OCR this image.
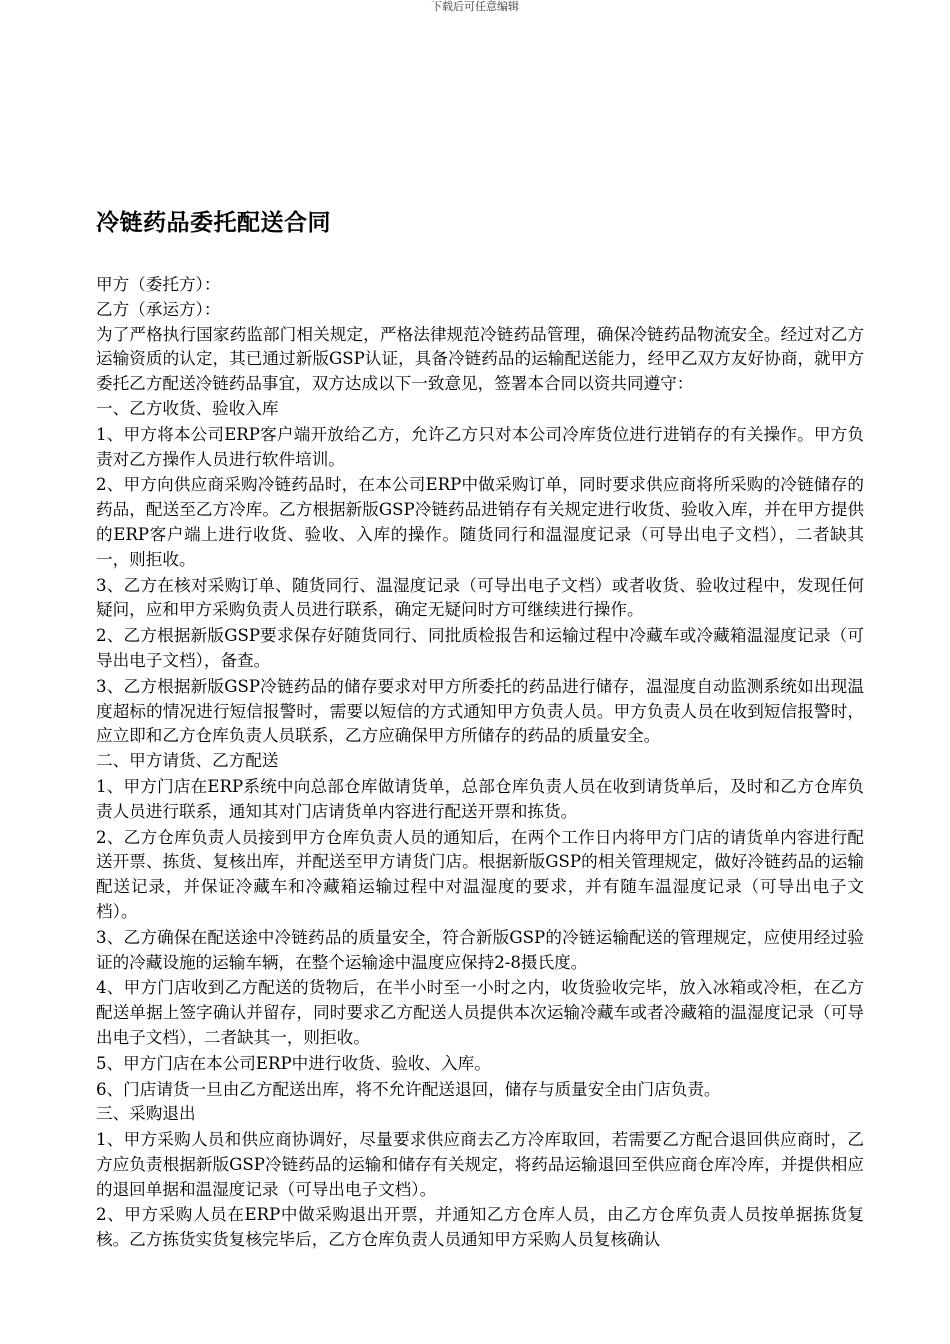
下载后可任意编辑
冷链药品委托配送合同

甲方（委托方）：

乙方（承运方）：

为了严格执行国家药监部门相关规定，严格法律规范冷链药品管理，确保冷链药品物流安全。经过对乙方运输资质的认定，其已通过新版GSP认证，具备冷链药品的运输配送能力，经甲乙双方友好协商，就甲方委托乙方配送冷链药品事宜，双方达成以下一致意见，签署本合同以资共同遵守：

一、乙方收货、验收入库

1、甲方将本公司ERP客户端开放给乙方，允许乙方只对本公司冷库货位进行进销存的有关操作。甲方负责对乙方操作人员进行软件培训。

2、甲方向供应商采购冷链药品时，在本公司ERP中做采购订单，同时要求供应商将所采购的冷链储存的药品，配送至乙方冷库。乙方根据新版GSP冷链药品进销存有关规定进行收货、验收入库，并在甲方提供的ERP客户端上进行收货、验收、入库的操作。随货同行和温湿度记录（可导出电子文档），二者缺其一，则拒收。

3、乙方在核对采购订单、随货同行、温湿度记录（可导出电子文档）或者收货、验收过程中，发现任何疑问，应和甲方采购负责人员进行联系，确定无疑问时方可继续进行操作。

2、乙方根据新版GSP要求保存好随货同行、同批质检报告和运输过程中冷藏车或冷藏箱温湿度记录（可导出电子文档），备查。

3、乙方根据新版GSP冷链药品的储存要求对甲方所委托的药品进行储存，温湿度自动监测系统如出现温度超标的情况进行短信报警时，需要以短信的方式通知甲方负责人员。甲方负责人员在收到短信报警时，应立即和乙方仓库负责人员联系，乙方应确保甲方所储存的药品的质量安全。

二、甲方请货、乙方配送

1、甲方门店在ERP系统中向总部仓库做请货单，总部仓库负责人员在收到请货单后，及时和乙方仓库负责人员进行联系，通知其对门店请货单内容进行配送开票和拣货。

2、乙方仓库负责人员接到甲方仓库负责人员的通知后，在两个工作日内将甲方门店的请货单内容进行配送开票、拣货、复核出库，并配送至甲方请货门店。根据新版GSP的相关管理规定，做好冷链药品的运输配送记录，并保证冷藏车和冷藏箱运输过程中对温湿度的要求，并有随车温湿度记录（可导出电子文档）。

3、乙方确保在配送途中冷链药品的质量安全，符合新版GSP的冷链运输配送的管理规定，应使用经过验证的冷藏设施的运输车辆，在整个运输途中温度应保持2-8摄氏度。

4、甲方门店收到乙方配送的货物后，在半小时至一小时之内，收货验收完毕，放入冰箱或冷柜，在乙方配送单据上签字确认并留存，同时要求乙方配送人员提供本次运输冷藏车或者冷藏箱的温湿度记录（可导出电子文档），二者缺其一，则拒收。

5、甲方门店在本公司ERP中进行收货、验收、入库。

6、门店请货一旦由乙方配送出库，将不允许配送退回，储存与质量安全由门店负责。

三、采购退出

1、甲方采购人员和供应商协调好，尽量要求供应商去乙方冷库取回，若需要乙方配合退回供应商时，乙方应负责根据新版GSP冷链药品的运输和储存有关规定，将药品运输退回至供应商仓库冷库，并提供相应的退回单据和温湿度记录（可导出电子文档）。

2、甲方采购人员在ERP中做采购退出开票，并通知乙方仓库人员，由乙方仓库负责人员按单据拣货复核。乙方拣货实货复核完毕后，乙方仓库负责人员通知甲方采购人员复核确认
